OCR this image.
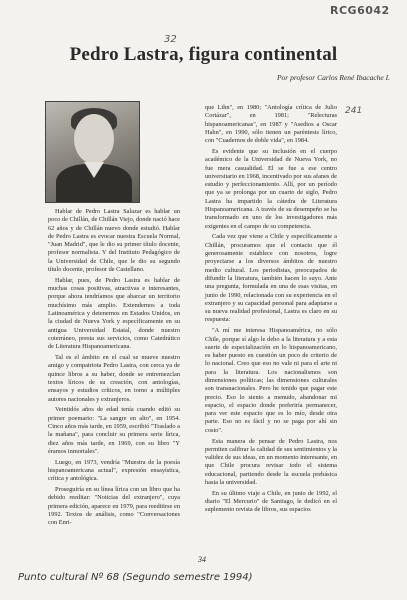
RCG6042
32
241
Pedro Lastra, figura continental
Por profesor Carlos René Ibacache I.

Hablar de Pedro Lastra Salazar es hablar un poco de Chillán, de Chillán Viejo, donde nació hace 62 años y de Chillán nuevo donde estudió. Hablar de Pedro Lastra es evocar nuestra Escuela Normal, "Juan Madrid", que le dio su primer título docente, profesor normalista. Y del Instituto Pedagógico de la Universidad de Chile, que le dio su segundo título docente, profesor de Castellano.

Hablar, pues, de Pedro Lastra es hablar de muchas cosas positivas, atractivas e interesantes, porque ahora tendríamos que abarcar un territorio muchísimo más amplio. Extendernos a toda Latinoamérica y detenernos en Estados Unidos, en la ciudad de Nueva York y específicamente en su antigua Universidad Estatal, donde nuestro coterráneo, presta sus servicios, como Catedrático de Literatura Hispanoamericana.

Tal es el ámbito en el cual se mueve nuestro amigo y compatriota Pedro Lastra, con cerca ya de quince libros a su haber, donde se entremezclan textos líricos de su creación, con antologías, ensayos y estudios críticos, en torno a múltiples autores nacionales y extranjeros.

Veintidós años de edad tenía cuando editó su primer poemario: "La sangre en alto", en 1954. Cinco años más tarde, en 1959, escribió "Traslado a la mañana", para concluir su primera serie lírica, diez años más tarde, en 1969, con su libro "Y éramos inmortales".

Luego, en 1973, vendría "Muestra de la poesía hispanoamericana actual", expresión ensayística, crítica y antológica.

Proseguiría en su línea lírica con un libro que ha debido reeditar: "Noticias del extranjero", cuya primera edición, aparece en 1979, para reeditirse en 1992. Textos de análisis, como "Conversaciones con Enri-

que Lihn", en 1980; "Antología crítica de Julio Cortázar", en 1981; "Relecturas hispanoamericanas", en 1987 y "Asedios a Oscar Hahn", en 1990, sólo tienen un paréntesis lírico, con "Cuadernos de doble vida", en 1984.

Es evidente que su inclusión en el cuerpo académico de la Universidad de Nueva York, no fue mera casualidad. El se fue a ese centro universitario en 1968, incentivado por sus afanes de estudio y perfeccionamiento. Allí, por un período que ya se prolonga por un cuarto de siglo, Pedro Lastra ha impartido la cátedra de Literatura Hispanoamericana. A través de su desempeño se ha transformado en uno de los investigadores más exigentes en el campo de su competencia.

Cada vez que viene a Chile y específicamente a Chillán, procuramos que el contacto que él generosamente establece con nosotros, logre proyectarse a los diversos ámbitos de nuestro medio cultural. Los periodistas, preocupados de difundir la literatura, también hacen lo suyo. Ante una pregunta, formulada en una de esas visitas, en junio de 1990, relacionada con su experiencia en el extranjero y su capacidad personal para adaptarse a su nueva realidad profesional, Lastra es claro en su respuesta:

"A mí me interesa Hispanoamérica, no sólo Chile, porque sí algo le debo a la literatura y a esta suerte de especialización en lo hispanoamericano, es haber puesto en cuestión un poco de criterio de lo nacional. Creo que eso no vale ni para el arte ni para la literatura. Los nacionalismos son dimensiones políticas; las dimensiones culturales son transnacionales. Pero he tenido que pagar este precio. Eso lo siento a menudo, abandonar mi espacio, el espacio donde preferiría permanecer, para ver este espacio que es lo mío, desde otra parte. Eso no es fácil y no se paga por ahí sin costo".

Esta manera de pensar de Pedro Lastra, nos permiten calibrar la calidad de sus sentimientos y la validez de sus ideas, en un momento interesante, en que Chile procura revisar todo el sistema educacional, partiendo desde la escuela prebásica hasta la universidad.

En su último viaje a Chile, en junio de 1992, el diario "El Mercurio" de Santiago, le dedicó en el suplemento revista de libros, sus espacios

34
Punto cultural Nº 68 (Segundo semestre 1994)
